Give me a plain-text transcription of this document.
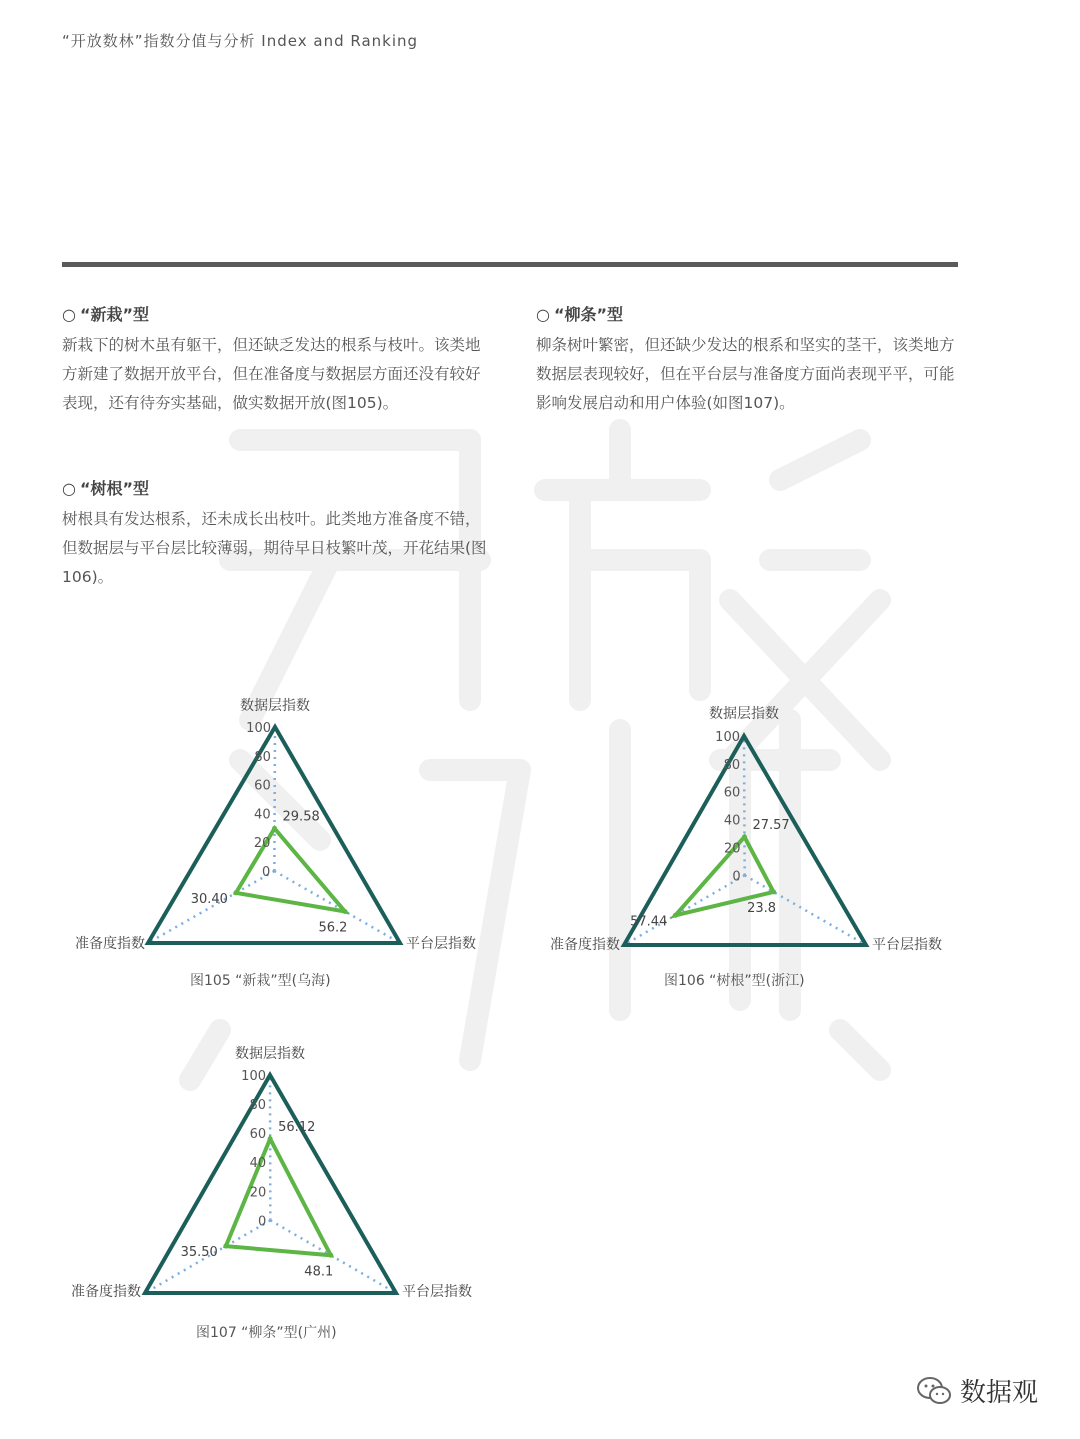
“开放数林”指数分值与分析 Index and Ranking
○ “新栽”型

新栽下的树木虽有躯干，但还缺乏发达的根系与枝叶。该类地方新建了数据开放平台，但在准备度与数据层方面还没有较好表现，还有待夯实基础，做实数据开放(图105)。

○ “树根”型

树根具有发达根系，还未成长出枝叶。此类地方准备度不错，但数据层与平台层比较薄弱，期待早日枝繁叶茂，开花结果(图106)。

○ “柳条”型

柳条树叶繁密，但还缺少发达的根系和坚实的茎干，该类地方数据层表现较好，但在平台层与准备度方面尚表现平平，可能影响发展启动和用户体验(如图107)。

0
20
40
60
80
100
数据层指数
平台层指数
准备度指数
29.58
56.2
30.40
0
20
40
60
80
100
数据层指数
平台层指数
准备度指数
27.57
23.8
57.44
0
20
40
60
80
100
数据层指数
平台层指数
准备度指数
56.12
48.1
35.50
图105 “新栽”型(乌海)	图106 “树根”型(浙江)
图107 “柳条”型(广州)
数据观
